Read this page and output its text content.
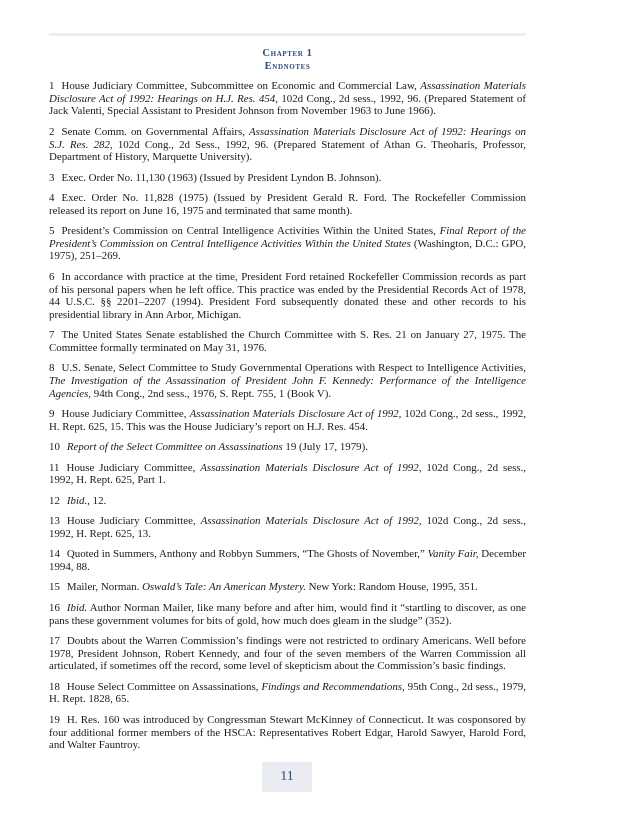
Chapter 1
Endnotes

1 House Judiciary Committee, Subcommittee on Economic and Commercial Law, Assassination Materials Disclosure Act of 1992: Hearings on H.J. Res. 454, 102d Cong., 2d sess., 1992, 96. (Prepared Statement of Jack Valenti, Special Assistant to President Johnson from November 1963 to June 1966).

2 Senate Comm. on Governmental Affairs, Assassination Materials Disclosure Act of 1992: Hearings on S.J. Res. 282, 102d Cong., 2d Sess., 1992, 96. (Prepared Statement of Athan G. Theoharis, Professor, Department of History, Marquette University).

3 Exec. Order No. 11,130 (1963) (Issued by President Lyndon B. Johnson).

4 Exec. Order No. 11,828 (1975) (Issued by President Gerald R. Ford. The Rockefeller Commission released its report on June 16, 1975 and terminated that same month).

5 President’s Commission on Central Intelligence Activities Within the United States, Final Report of the President’s Commission on Central Intelligence Activities Within the United States (Washington, D.C.: GPO, 1975), 251–269.

6 In accordance with practice at the time, President Ford retained Rockefeller Commission records as part of his personal papers when he left office. This practice was ended by the Presidential Records Act of 1978, 44 U.S.C. §§ 2201–2207 (1994). President Ford subsequently donated these and other records to his presidential library in Ann Arbor, Michigan.

7 The United States Senate established the Church Committee with S. Res. 21 on January 27, 1975. The Committee formally terminated on May 31, 1976.

8 U.S. Senate, Select Committee to Study Governmental Operations with Respect to Intelligence Activities, The Investigation of the Assassination of President John F. Kennedy: Performance of the Intelligence Agencies, 94th Cong., 2nd sess., 1976, S. Rept. 755, 1 (Book V).

9 House Judiciary Committee, Assassination Materials Disclosure Act of 1992, 102d Cong., 2d sess., 1992, H. Rept. 625, 15. This was the House Judiciary’s report on H.J. Res. 454.

10 Report of the Select Committee on Assassinations 19 (July 17, 1979).

11 House Judiciary Committee, Assassination Materials Disclosure Act of 1992, 102d Cong., 2d sess., 1992, H. Rept. 625, Part 1.

12 Ibid., 12.

13 House Judiciary Committee, Assassination Materials Disclosure Act of 1992, 102d Cong., 2d sess., 1992, H. Rept. 625, 13.

14 Quoted in Summers, Anthony and Robbyn Summers, “The Ghosts of November,” Vanity Fair, December 1994, 88.

15 Mailer, Norman. Oswald’s Tale: An American Mystery. New York: Random House, 1995, 351.

16 Ibid. Author Norman Mailer, like many before and after him, would find it “startling to discover, as one pans these government volumes for bits of gold, how much does gleam in the sludge” (352).

17 Doubts about the Warren Commission’s findings were not restricted to ordinary Americans. Well before 1978, President Johnson, Robert Kennedy, and four of the seven members of the Warren Commission all articulated, if sometimes off the record, some level of skepticism about the Commission’s basic findings.

18 House Select Committee on Assassinations, Findings and Recommendations, 95th Cong., 2d sess., 1979, H. Rept. 1828, 65.

19 H. Res. 160 was introduced by Congressman Stewart McKinney of Connecticut. It was cosponsored by four additional former members of the HSCA: Representatives Robert Edgar, Harold Sawyer, Harold Ford, and Walter Fauntroy.

11
